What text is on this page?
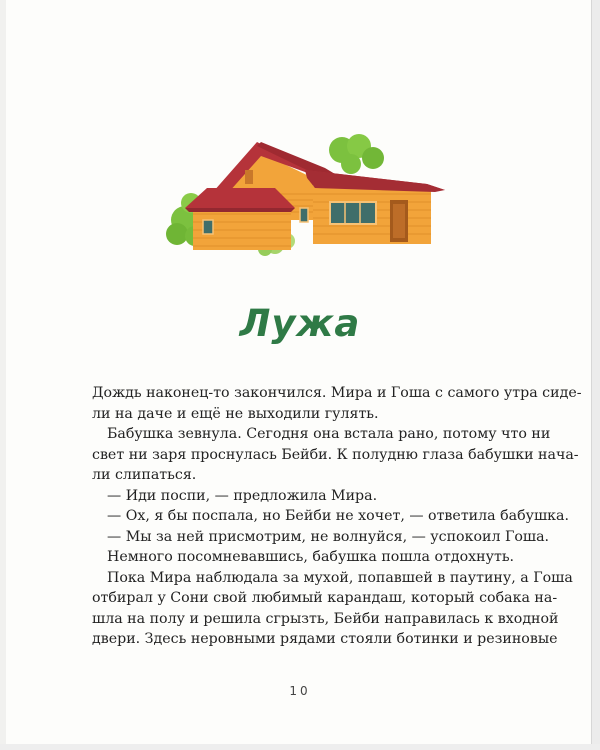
Лужа
Дождь наконец-то закончился. Мира и Гоша с самого утра сиде-
ли на даче и ещё не выходили гулять.
Бабушка зевнула. Сегодня она встала рано, потому что ни
свет ни заря проснулась Бейби. К полудню глаза бабушки нача-
ли слипаться.
— Иди поспи, — предложила Мира.
— Ох, я бы поспала, но Бейби не хочет, — ответила бабушка.
— Мы за ней присмотрим, не волнуйся, — успокоил Гоша.
Немного посомневавшись, бабушка пошла отдохнуть.
Пока Мира наблюдала за мухой, попавшей в паутину, а Гоша
отбирал у Сони свой любимый карандаш, который собака на-
шла на полу и решила сгрызть, Бейби направилась к входной
двери. Здесь неровными рядами стояли ботинки и резиновые
10
